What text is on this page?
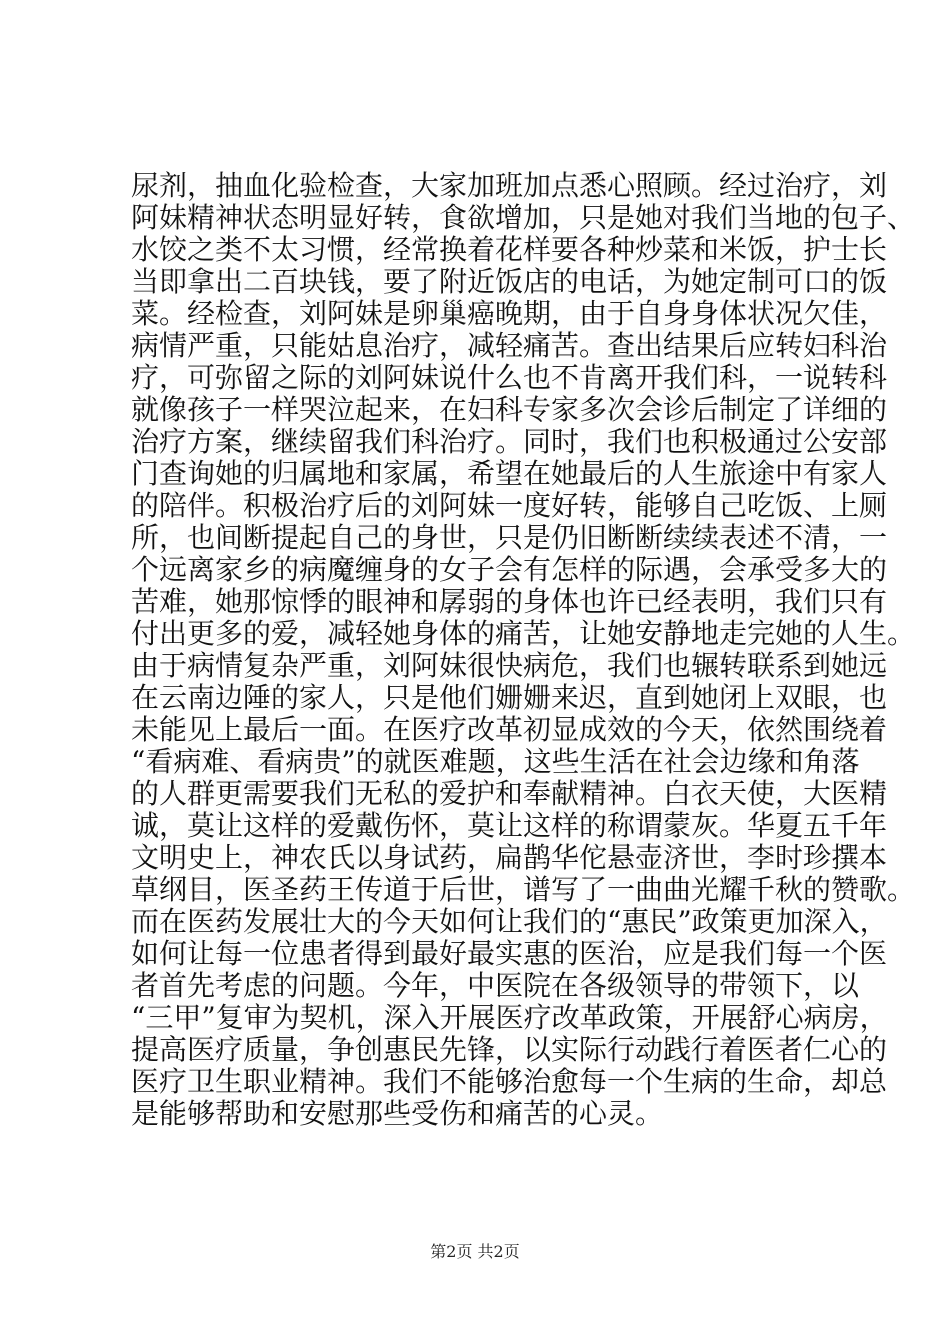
尿剂，抽血化验检查，大家加班加点悉心照顾。经过治疗，刘
阿妹精神状态明显好转，食欲增加，只是她对我们当地的包子、
水饺之类不太习惯，经常换着花样要各种炒菜和米饭，护士长
当即拿出二百块钱，要了附近饭店的电话，为她定制可口的饭
菜。经检查，刘阿妹是卵巢癌晚期，由于自身身体状况欠佳，
病情严重，只能姑息治疗，减轻痛苦。查出结果后应转妇科治
疗，可弥留之际的刘阿妹说什么也不肯离开我们科，一说转科
就像孩子一样哭泣起来，在妇科专家多次会诊后制定了详细的
治疗方案，继续留我们科治疗。同时，我们也积极通过公安部
门查询她的归属地和家属，希望在她最后的人生旅途中有家人
的陪伴。积极治疗后的刘阿妹一度好转，能够自己吃饭、上厕
所，也间断提起自己的身世，只是仍旧断断续续表述不清，一
个远离家乡的病魔缠身的女子会有怎样的际遇，会承受多大的
苦难，她那惊悸的眼神和孱弱的身体也许已经表明，我们只有
付出更多的爱，减轻她身体的痛苦，让她安静地走完她的人生。
由于病情复杂严重，刘阿妹很快病危，我们也辗转联系到她远
在云南边陲的家人，只是他们姗姗来迟，直到她闭上双眼，也
未能见上最后一面。在医疗改革初显成效的今天，依然围绕着
“看病难、看病贵”的就医难题，这些生活在社会边缘和角落
的人群更需要我们无私的爱护和奉献精神。白衣天使，大医精
诚，莫让这样的爱戴伤怀，莫让这样的称谓蒙灰。华夏五千年
文明史上，神农氏以身试药，扁鹊华佗悬壶济世，李时珍撰本
草纲目，医圣药王传道于后世，谱写了一曲曲光耀千秋的赞歌。
而在医药发展壮大的今天如何让我们的“惠民”政策更加深入，
如何让每一位患者得到最好最实惠的医治，应是我们每一个医
者首先考虑的问题。今年，中医院在各级领导的带领下，以
“三甲”复审为契机，深入开展医疗改革政策，开展舒心病房，
提高医疗质量，争创惠民先锋，以实际行动践行着医者仁心的
医疗卫生职业精神。我们不能够治愈每一个生病的生命，却总
是能够帮助和安慰那些受伤和痛苦的心灵。
第2页 共2页
